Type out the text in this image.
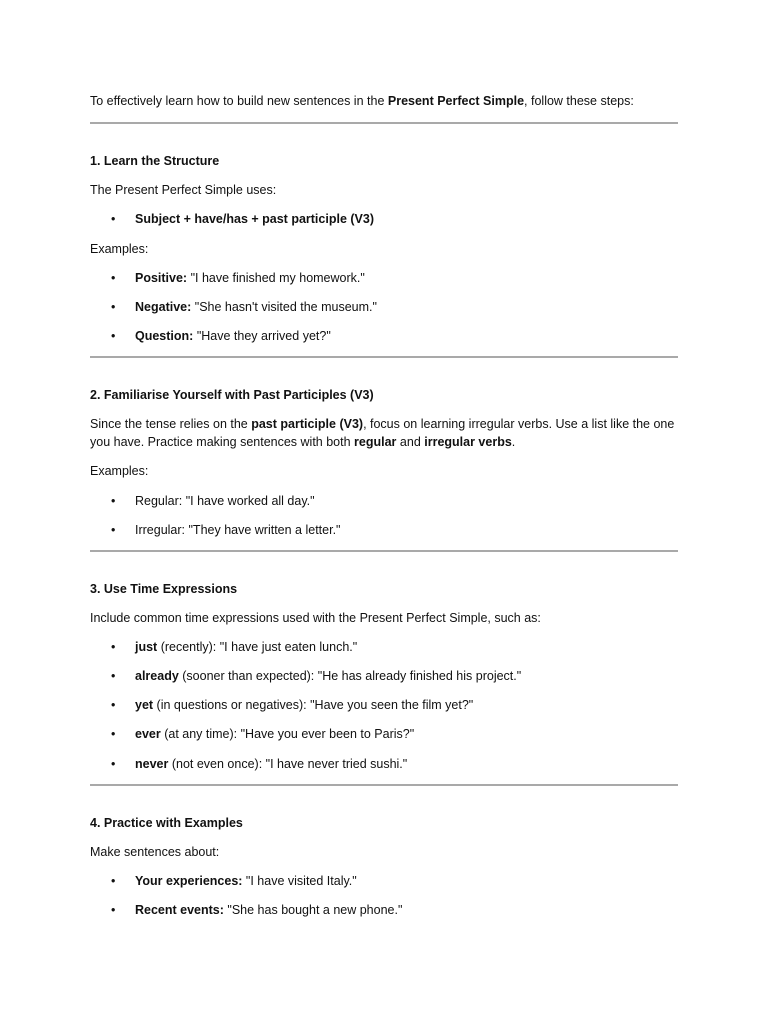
To effectively learn how to build new sentences in the Present Perfect Simple, follow these steps:

1. Learn the Structure

The Present Perfect Simple uses:

• Subject + have/has + past participle (V3)

Examples:

• Positive: "I have finished my homework."
• Negative: "She hasn't visited the museum."
• Question: "Have they arrived yet?"

2. Familiarise Yourself with Past Participles (V3)

Since the tense relies on the past participle (V3), focus on learning irregular verbs. Use a list like the one you have. Practice making sentences with both regular and irregular verbs.

Examples:

• Regular: "I have worked all day."
• Irregular: "They have written a letter."

3. Use Time Expressions

Include common time expressions used with the Present Perfect Simple, such as:

• just (recently): "I have just eaten lunch."
• already (sooner than expected): "He has already finished his project."
• yet (in questions or negatives): "Have you seen the film yet?"
• ever (at any time): "Have you ever been to Paris?"
• never (not even once): "I have never tried sushi."

4. Practice with Examples

Make sentences about:

• Your experiences: "I have visited Italy."
• Recent events: "She has bought a new phone."
